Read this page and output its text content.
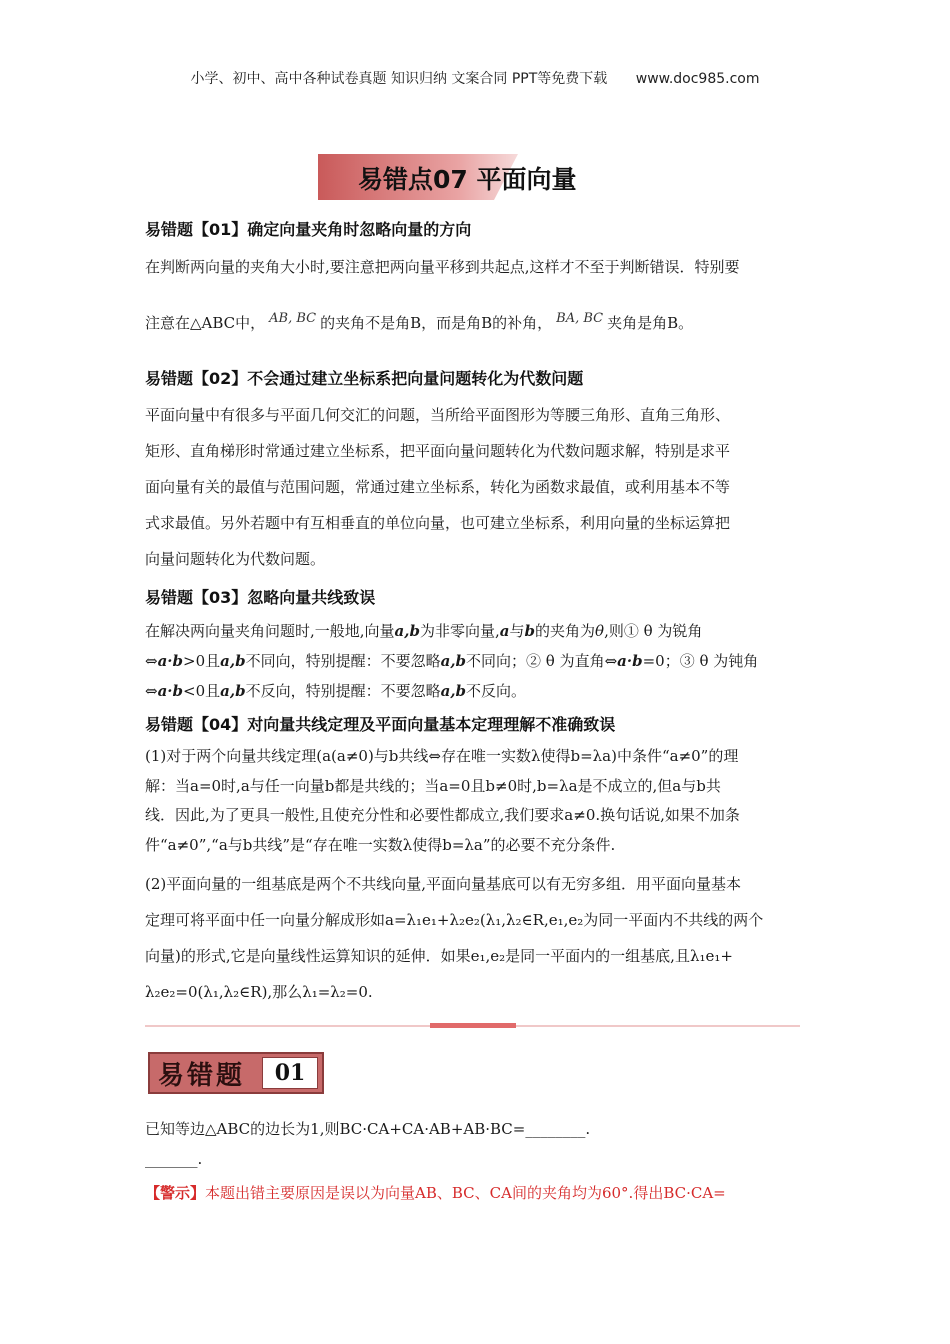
小学、初中、高中各种试卷真题 知识归纳 文案合同 PPT等免费下载 www.doc985.com
易错点07 平面向量
易错题【01】确定向量夹角时忽略向量的方向
在判断两向量的夹角大小时,要注意把两向量平移到共起点,这样才不至于判断错误．特别要
注意在△ABC中， AB, BC 的夹角不是角B，而是角B的补角， BA, BC 夹角是角B。
易错题【02】不会通过建立坐标系把向量问题转化为代数问题
平面向量中有很多与平面几何交汇的问题，当所给平面图形为等腰三角形、直角三角形、
矩形、直角梯形时常通过建立坐标系，把平面向量问题转化为代数问题求解，特别是求平
面向量有关的最值与范围问题，常通过建立坐标系，转化为函数求最值，或利用基本不等
式求最值。另外若题中有互相垂直的单位向量，也可建立坐标系，利用向量的坐标运算把
向量问题转化为代数问题。
易错题【03】忽略向量共线致误
在解决两向量夹角问题时,一般地,向量a,b为非零向量,a与b的夹角为θ,则① θ 为锐角
⇔a·b>0且a,b不同向，特别提醒：不要忽略a,b不同向；② θ 为直角⇔a·b=0；③ θ 为钝角
⇔a·b<0且a,b不反向，特别提醒：不要忽略a,b不反向。
易错题【04】对向量共线定理及平面向量基本定理理解不准确致误
(1)对于两个向量共线定理(a(a≠0)与b共线⇔存在唯一实数λ使得b=λa)中条件“a≠0”的理
解：当a=0时,a与任一向量b都是共线的；当a=0且b≠0时,b=λa是不成立的,但a与b共
线．因此,为了更具一般性,且使充分性和必要性都成立,我们要求a≠0.换句话说,如果不加条
件“a≠0”,“a与b共线”是“存在唯一实数λ使得b=λa”的必要不充分条件.
(2)平面向量的一组基底是两个不共线向量,平面向量基底可以有无穷多组．用平面向量基本
定理可将平面中任一向量分解成形如a=λ₁e₁+λ₂e₂(λ₁,λ₂∈R,e₁,e₂为同一平面内不共线的两个
向量)的形式,它是向量线性运算知识的延伸．如果e₁,e₂是同一平面内的一组基底,且λ₁e₁+
λ₂e₂=0(λ₁,λ₂∈R),那么λ₁=λ₂=0.
易错题	01
已知等边△ABC的边长为1,则BC·CA+CA·AB+AB·BC=________.
_______.
【警示】本题出错主要原因是误以为向量AB、BC、CA间的夹角均为60°.得出BC·CA=
